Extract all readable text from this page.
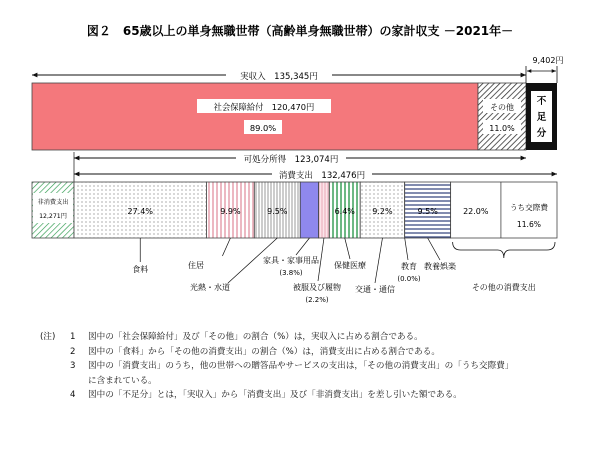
図２　65歳以上の単身無職世帯（高齢単身無職世帯）の家計収支 －2021年－
実収入　135,345円
社会保障給付　120,470円
89.0%
その他
11.0%
不
足
分
9,402円
可処分所得　123,074円
消費支出　132,476円
非消費支出
12,271円
27.4%	9.9%	9.5%	6.4% 9.2%	9.5%	22.0%	うち交際費
11.6%
食料	住居
光熱・水道
家具・家事用品
(3.8%)
被服及び履物
(2.2%)
保健医療
交通・通信
教育
(0.0%)
教養娯楽
その他の消費支出
(注)	1	図中の「社会保障給付」及び「その他」の割合（%）は，実収入に占める割合である。
2	図中の「食料」から「その他の消費支出」の割合（%）は，消費支出に占める割合である。
3	図中の「消費支出」のうち，他の世帯への贈答品やサービスの支出は，「その他の消費支出」の「うち交際費」
に含まれている。
4	図中の「不足分」とは，「実収入」から「消費支出」及び「非消費支出」を差し引いた額である。
